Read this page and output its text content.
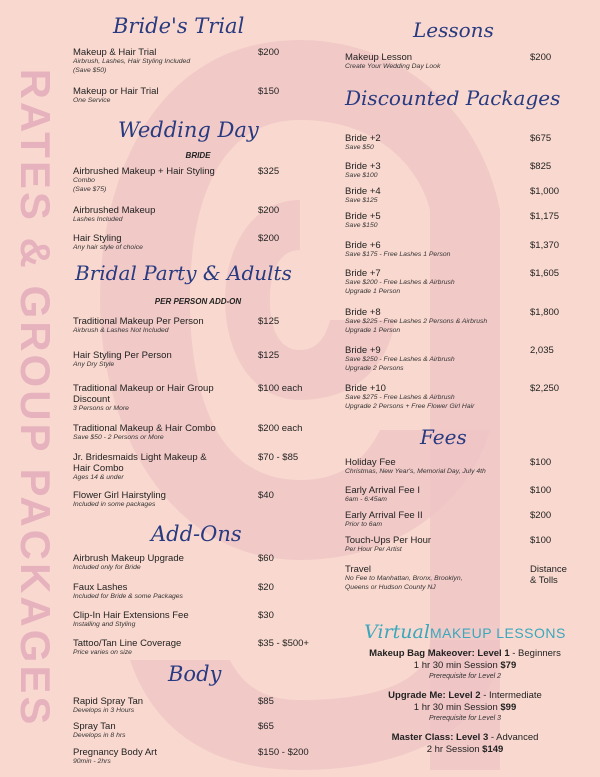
RATES & GROUP PACKAGES
Bride's Trial
Makeup & Hair Trial
Airbrush, Lashes, Hair Styling Included
(Save $50)
$200
Makeup or Hair Trial
One Service
$150
Wedding Day
BRIDE
Airbrushed Makeup + Hair Styling
Combo
(Save $75)
$325
Airbrushed Makeup
Lashes Included
$200
Hair Styling
Any hair style of choice
$200
Bridal Party & Adults
PER PERSON ADD-ON
Traditional Makeup Per Person
Airbrush & Lashes Not Included
$125
Hair Styling Per Person
Any Dry Style
$125
Traditional Makeup or Hair Group
Discount
3 Persons or More
$100 each
Traditional Makeup & Hair Combo
Save $50 - 2 Persons or More
$200 each
Jr. Bridesmaids Light Makeup &
Hair Combo
Ages 14 & under
$70 - $85
Flower Girl Hairstyling
Included in some packages
$40
Add-Ons
Airbrush Makeup Upgrade
Included only for Bride
$60
Faux Lashes
Included for Bride & some Packages
$20
Clip-In Hair Extensions Fee
Installing and Styling
$30
Tattoo/Tan Line Coverage
Price varies on size
$35 - $500+
Body
Rapid Spray Tan
Develops in 3 Hours
$85
Spray Tan
Develops in 8 hrs
$65
Pregnancy Body Art
90min - 2hrs
$150 - $200
Lessons
Makeup Lesson
Create Your Wedding Day Look
$200
Discounted Packages
Bride +2
Save $50
$675
Bride +3
Save $100
$825
Bride +4
Save $125
$1,000
Bride +5
Save $150
$1,175
Bride +6
Save $175 - Free Lashes 1 Person
$1,370
Bride +7
Save $200 - Free Lashes & Airbrush
Upgrade 1 Person
$1,605
Bride +8
Save $225 - Free Lashes 2 Persons & Airbrush
Upgrade 1 Person
$1,800
Bride +9
Save $250 - Free Lashes & Airbrush
Upgrade 2 Persons
2,035
Bride +10
Save $275 - Free Lashes & Airbrush
Upgrade 2 Persons + Free Flower Girl Hair
$2,250
Fees
Holiday Fee
Christmas, New Year's, Memorial Day, July 4th
$100
Early Arrival Fee I
6am - 6:45am
$100
Early Arrival Fee II
Prior to 6am
$200
Touch-Ups Per Hour
Per Hour Per Artist
$100
Travel
No Fee to Manhattan, Bronx, Brooklyn,
Queens or Hudson County NJ
Distance
& Tolls
VirtualMAKEUP LESSONS
Makeup Bag Makeover: Level 1 - Beginners
1 hr 30 min Session $79
Prerequisite for Level 2
Upgrade Me: Level 2 - Intermediate
1 hr 30 min Session $99
Prerequisite for Level 3
Master Class: Level 3 - Advanced
2 hr Session $149
